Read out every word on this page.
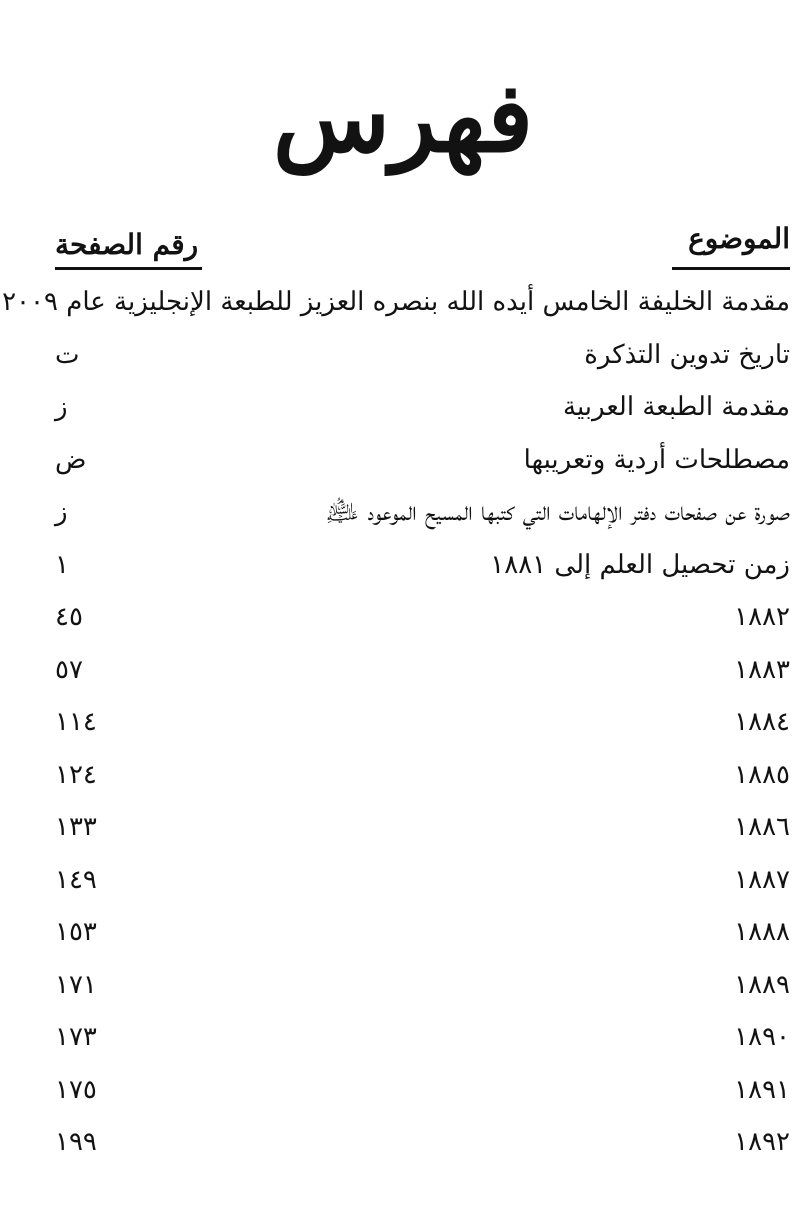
فهرس
الموضوع
رقم الصفحة
مقدمة الخليفة الخامس أيده الله بنصره العزيز للطبعة الإنجليزية عام ٢٠٠٩
تاريخ تدوين التذكرة
ت
مقدمة الطبعة العربية
ز
مصطلحات أردية وتعريبها
ض
صورة عن صفحات دفتر الإلهامات التي كتبها المسيح الموعود ﵇
ز
زمن تحصيل العلم إلى ١٨٨١
١
١٨٨٢
٤٥
١٨٨٣
٥٧
١٨٨٤
١١٤
١٨٨٥
١٢٤
١٨٨٦
١٣٣
١٨٨٧
١٤٩
١٨٨٨
١٥٣
١٨٨٩
١٧١
١٨٩٠
١٧٣
١٨٩١
١٧٥
١٨٩٢
١٩٩
